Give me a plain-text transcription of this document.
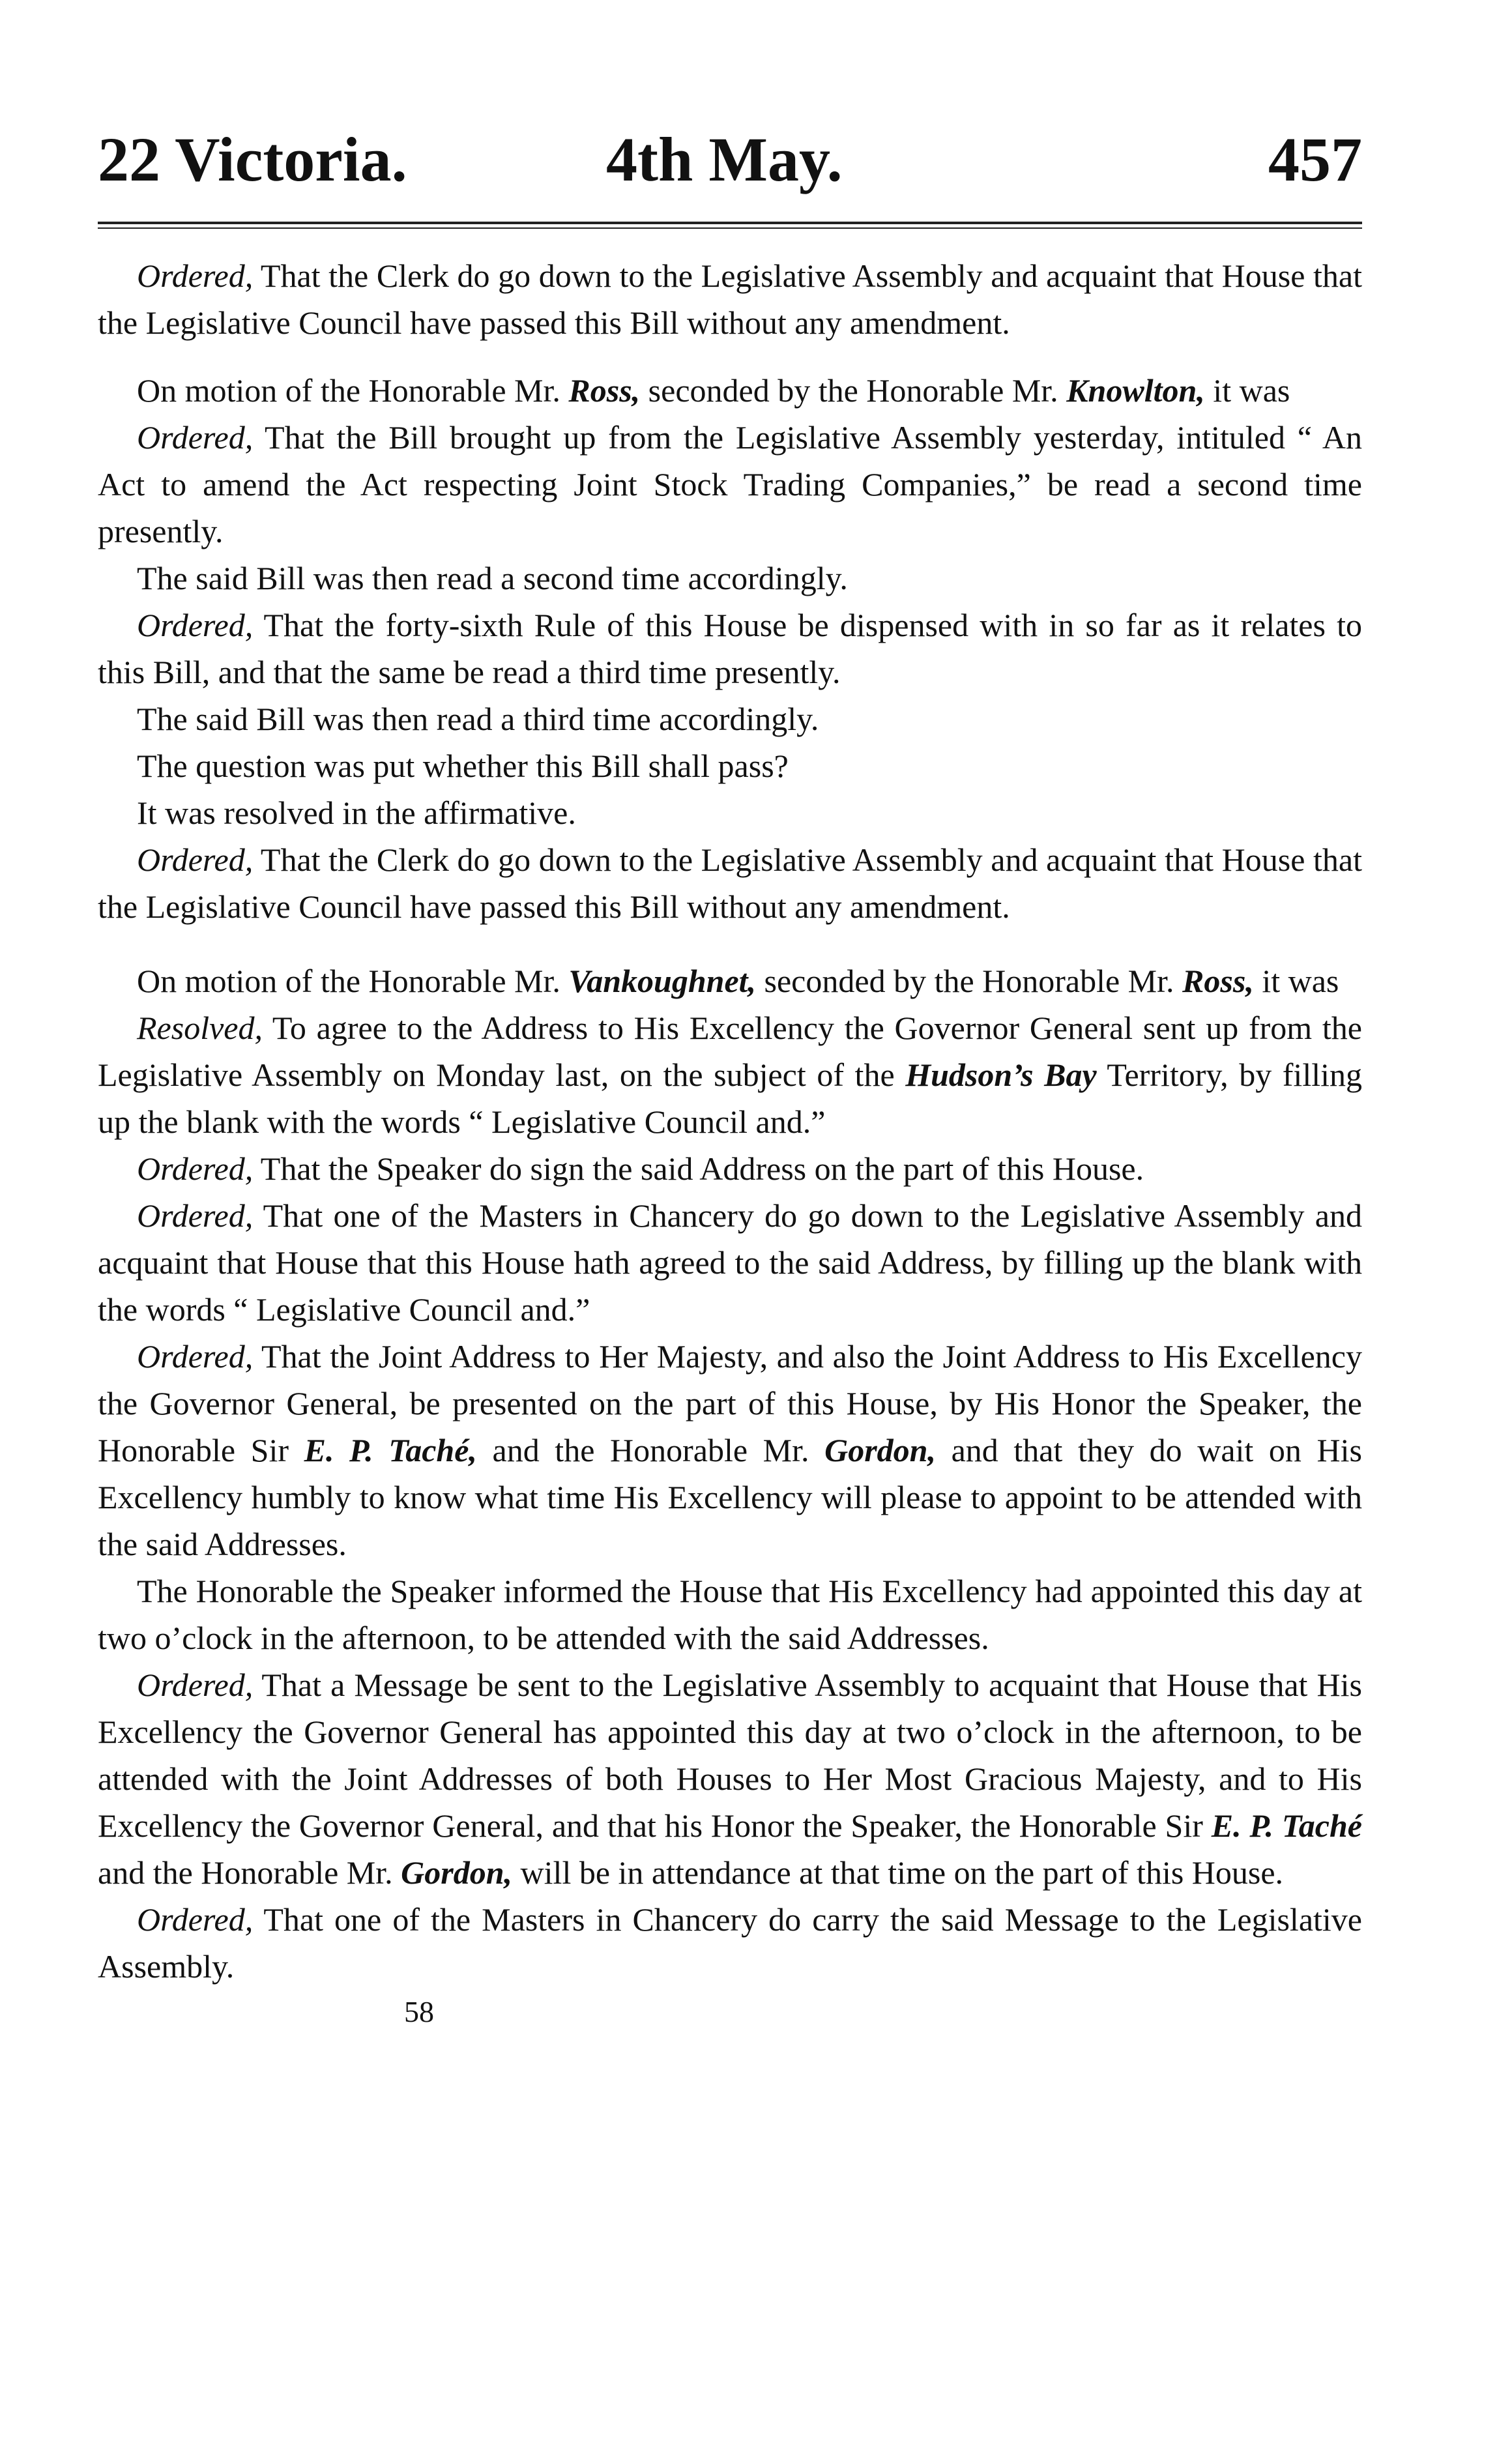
22 Victoria.	4th May.	457

Ordered, That the Clerk do go down to the Legislative Assembly and acquaint that House that the Legislative Council have passed this Bill without any amendment.

On motion of the Honorable Mr. Ross, seconded by the Honorable Mr. Knowlton, it was

Ordered, That the Bill brought up from the Legislative Assembly yesterday, intituled “ An Act to amend the Act respecting Joint Stock Trading Companies,” be read a second time presently.

The said Bill was then read a second time accordingly.

Ordered, That the forty-sixth Rule of this House be dispensed with in so far as it relates to this Bill, and that the same be read a third time presently.

The said Bill was then read a third time accordingly.

The question was put whether this Bill shall pass?

It was resolved in the affirmative.

Ordered, That the Clerk do go down to the Legislative Assembly and acquaint that House that the Legislative Council have passed this Bill without any amendment.

On motion of the Honorable Mr. Vankoughnet, seconded by the Honorable Mr. Ross, it was

Resolved, To agree to the Address to His Excellency the Governor General sent up from the Legislative Assembly on Monday last, on the subject of the Hudson’s Bay Territory, by filling up the blank with the words “ Legislative Council and.”

Ordered, That the Speaker do sign the said Address on the part of this House.

Ordered, That one of the Masters in Chancery do go down to the Legislative Assembly and acquaint that House that this House hath agreed to the said Address, by filling up the blank with the words “ Legislative Council and.”

Ordered, That the Joint Address to Her Majesty, and also the Joint Address to His Excellency the Governor General, be presented on the part of this House, by His Honor the Speaker, the Honorable Sir E. P. Taché, and the Honorable Mr. Gordon, and that they do wait on His Excellency humbly to know what time His Excellency will please to appoint to be attended with the said Addresses.

The Honorable the Speaker informed the House that His Excellency had appointed this day at two o’clock in the afternoon, to be attended with the said Addresses.

Ordered, That a Message be sent to the Legislative Assembly to acquaint that House that His Excellency the Governor General has appointed this day at two o’clock in the afternoon, to be attended with the Joint Addresses of both Houses to Her Most Gracious Majesty, and to His Excellency the Governor General, and that his Honor the Speaker, the Honorable Sir E. P. Taché and the Honorable Mr. Gordon, will be in attendance at that time on the part of this House.

Ordered, That one of the Masters in Chancery do carry the said Message to the Legislative Assembly.

58
